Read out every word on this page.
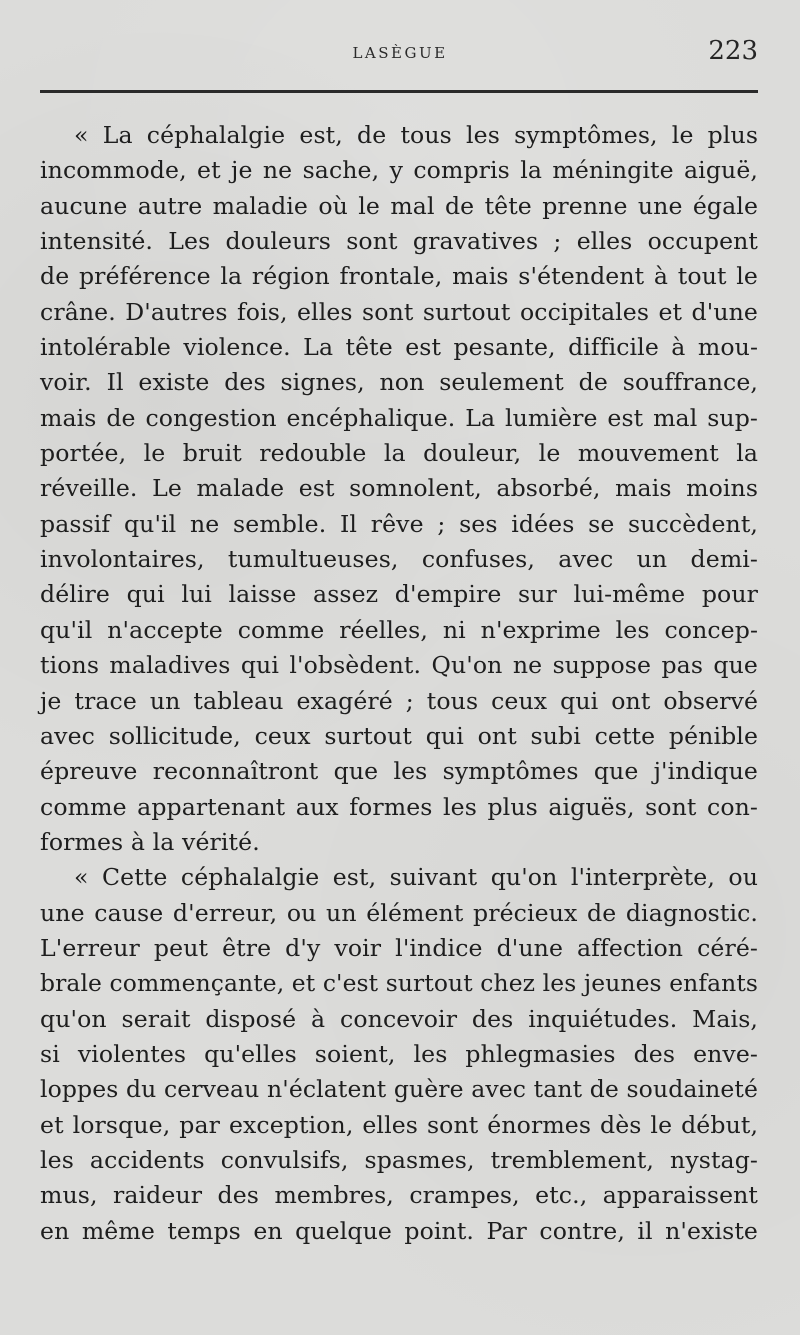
LASÈGUE	223
« La céphalalgie est, de tous les symptômes, le plus
incommode, et je ne sache, y compris la méningite aiguë,
aucune autre maladie où le mal de tête prenne une égale
intensité. Les douleurs sont gravatives ; elles occupent
de préférence la région frontale, mais s'étendent à tout le
crâne. D'autres fois, elles sont surtout occipitales et d'une
intolérable violence. La tête est pesante, difficile à mou-
voir. Il existe des signes, non seulement de souffrance,
mais de congestion encéphalique. La lumière est mal sup-
portée, le bruit redouble la douleur, le mouvement la
réveille. Le malade est somnolent, absorbé, mais moins
passif qu'il ne semble. Il rêve ; ses idées se succèdent,
involontaires, tumultueuses, confuses, avec un demi-
délire qui lui laisse assez d'empire sur lui-même pour
qu'il n'accepte comme réelles, ni n'exprime les concep-
tions maladives qui l'obsèdent. Qu'on ne suppose pas que
je trace un tableau exagéré ; tous ceux qui ont observé
avec sollicitude, ceux surtout qui ont subi cette pénible
épreuve reconnaîtront que les symptômes que j'indique
comme appartenant aux formes les plus aiguës, sont con-
formes à la vérité.
« Cette céphalalgie est, suivant qu'on l'interprète, ou
une cause d'erreur, ou un élément précieux de diagnostic.
L'erreur peut être d'y voir l'indice d'une affection céré-
brale commençante, et c'est surtout chez les jeunes enfants
qu'on serait disposé à concevoir des inquiétudes. Mais,
si violentes qu'elles soient, les phlegmasies des enve-
loppes du cerveau n'éclatent guère avec tant de soudaineté
et lorsque, par exception, elles sont énormes dès le début,
les accidents convulsifs, spasmes, tremblement, nystag-
mus, raideur des membres, crampes, etc., apparaissent
en même temps en quelque point. Par contre, il n'existe
